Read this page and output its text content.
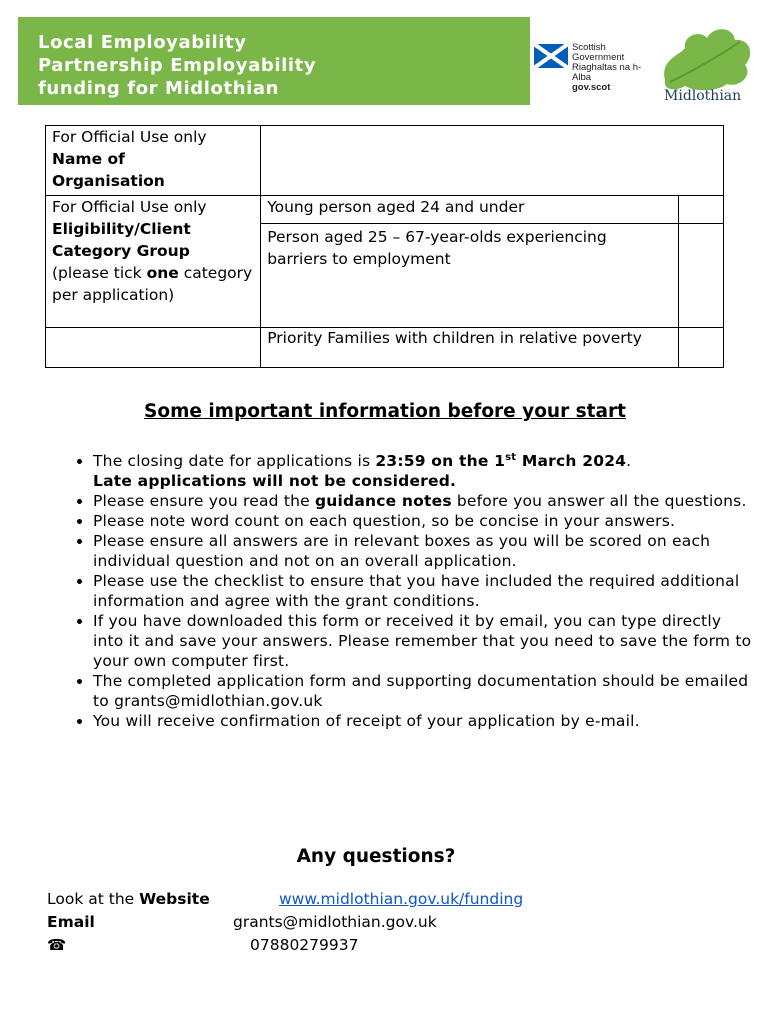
Local Employability
Partnership Employability
funding for Midlothian
Scottish Government
Riaghaltas na h-Alba
gov.scot
Midlothian
For Official Use only
Name of
Organisation		

For Official Use only
Eligibility/Client
Category Group
(please tick one category per application)	Young person aged 24 and under	
	Person aged 25 – 67-year-olds experiencing barriers to employment	
	Priority Families with children in relative poverty	
Some important information before your start
• The closing date for applications is 23:59 on the 1st March 2024.
Late applications will not be considered.
• Please ensure you read the guidance notes before you answer all the questions.
• Please note word count on each question, so be concise in your answers.
• Please ensure all answers are in relevant boxes as you will be scored on each individual question and not on an overall application.
• Please use the checklist to ensure that you have included the required additional information and agree with the grant conditions.
• If you have downloaded this form or received it by email, you can type directly into it and save your answers. Please remember that you need to save the form to your own computer first.
• The completed application form and supporting documentation should be emailed to grants@midlothian.gov.uk
• You will receive confirmation of receipt of your application by e-mail.
Any questions?
Look at the Website	www.midlothian.gov.uk/funding
Email	grants@midlothian.gov.uk
☎	07880279937
